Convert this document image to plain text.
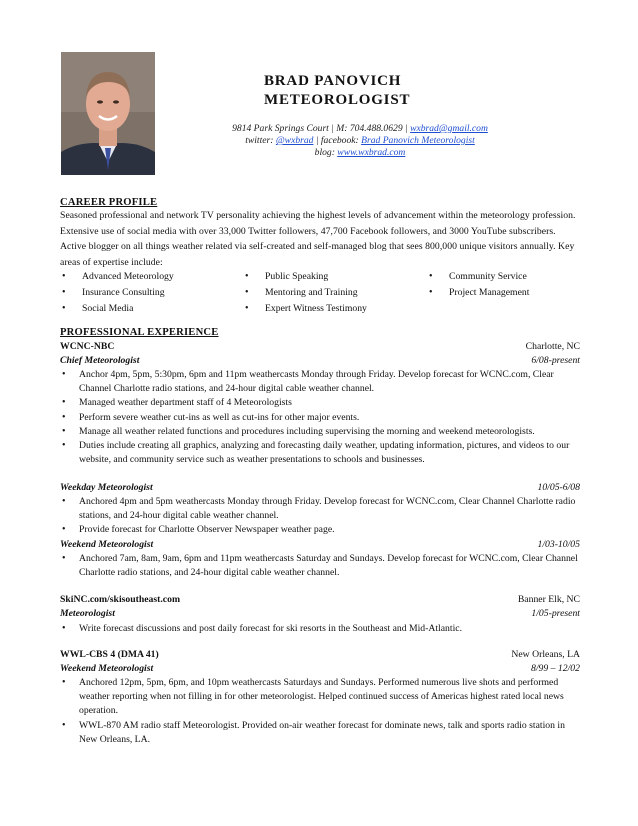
BRAD PANOVICH
METEOROLOGIST
9814 Park Springs Court | M: 704.488.0629 | wxbrad@gmail.com
twitter: @wxbrad | facebook: Brad Panovich Meteorologist
blog: www.wxbrad.com
CAREER PROFILE
Seasoned professional and network TV personality achieving the highest levels of advancement within the meteorology profession. Extensive use of social media with over 33,000 Twitter followers, 47,700 Facebook followers, and 3000 YouTube subscribers. Active blogger on all things weather related via self-created and self-managed blog that sees 800,000 unique visitors annually. Key areas of expertise include:
• Advanced Meteorology
• Insurance Consulting
• Social Media
• Public Speaking
• Mentoring and Training
• Expert Witness Testimony
• Community Service
• Project Management
PROFESSIONAL EXPERIENCE
WCNC-NBC	Charlotte, NC
Chief Meteorologist	6/08-present
• Anchor 4pm, 5pm, 5:30pm, 6pm and 11pm weathercasts Monday through Friday. Develop forecast for WCNC.com, Clear Channel Charlotte radio stations, and 24-hour digital cable weather channel.
• Managed weather department staff of 4 Meteorologists
• Perform severe weather cut-ins as well as cut-ins for other major events.
• Manage all weather related functions and procedures including supervising the morning and weekend meteorologists.
• Duties include creating all graphics, analyzing and forecasting daily weather, updating information, pictures, and videos to our website, and community service such as weather presentations to schools and businesses.
Weekday Meteorologist	10/05-6/08
• Anchored 4pm and 5pm weathercasts Monday through Friday. Develop forecast for WCNC.com, Clear Channel Charlotte radio stations, and 24-hour digital cable weather channel.
• Provide forecast for Charlotte Observer Newspaper weather page.
Weekend Meteorologist	1/03-10/05
• Anchored 7am, 8am, 9am, 6pm and 11pm weathercasts Saturday and Sundays. Develop forecast for WCNC.com, Clear Channel Charlotte radio stations, and 24-hour digital cable weather channel.
SkiNC.com/skisoutheast.com	Banner Elk, NC
Meteorologist	1/05-present
• Write forecast discussions and post daily forecast for ski resorts in the Southeast and Mid-Atlantic.
WWL-CBS 4 (DMA 41)	New Orleans, LA
Weekend Meteorologist	8/99 – 12/02
• Anchored 12pm, 5pm, 6pm, and 10pm weathercasts Saturdays and Sundays. Performed numerous live shots and performed weather reporting when not filling in for other meteorologist. Helped continued success of Americas highest rated local news operation.
• WWL-870 AM radio staff Meteorologist. Provided on-air weather forecast for dominate news, talk and sports radio station in New Orleans, LA.
